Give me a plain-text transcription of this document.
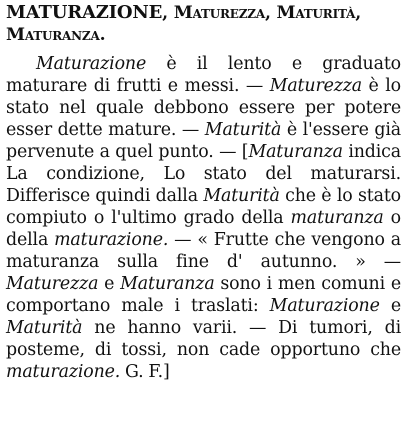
MATURAZIONE, Maturezza, Maturità, Maturanza.

Maturazione è il lento e graduato maturare di frutti e messi. — Maturezza è lo stato nel quale debbono essere per potere esser dette mature. — Maturità è l'essere già pervenute a quel punto. — [Maturanza indica La condizione, Lo stato del maturarsi. Differisce quindi dalla Maturità che è lo stato compiuto o l'ultimo grado della maturanza o della maturazione. — « Frutte che vengono a maturanza sulla fine d' autunno. » — Maturezza e Maturanza sono i men comuni e comportano male i traslati: Maturazione e Maturità ne hanno varii. — Di tumori, di posteme, di tossi, non cade opportuno che maturazione. G. F.]
